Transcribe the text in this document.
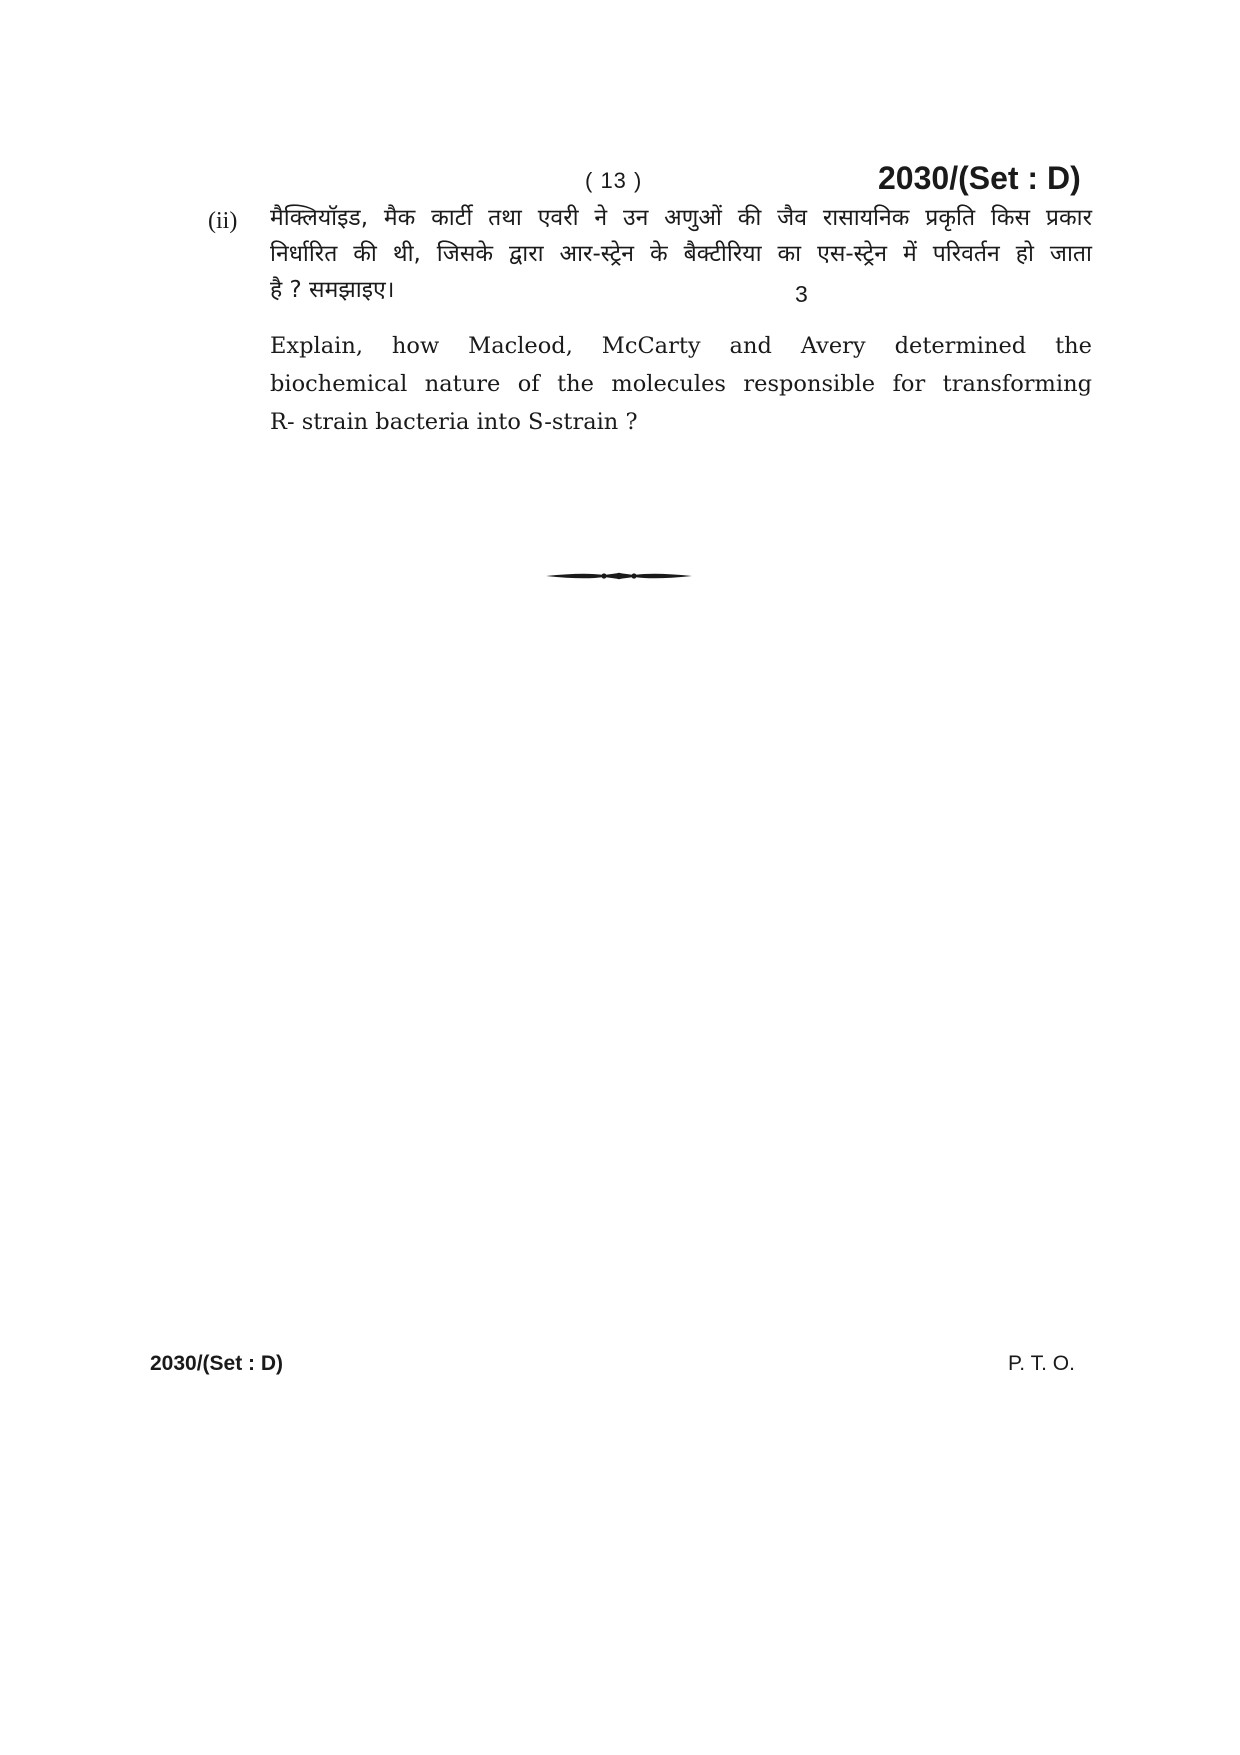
( 13 )	2030/(Set : D)
(ii) मैक्लियॉइड, मैक कार्टी तथा एवरी ने उन अणुओं की जैव रासायनिक प्रकृति किस प्रकार
निर्धारित की थी, जिसके द्वारा आर-स्ट्रेन के बैक्टीरिया का एस-स्ट्रेन में परिवर्तन हो जाता
है ? समझाइए।	3
Explain, how Macleod, McCarty and Avery determined the
biochemical nature of the molecules responsible for transforming
R- strain bacteria into S-strain ?
2030/(Set : D)	P. T. O.
